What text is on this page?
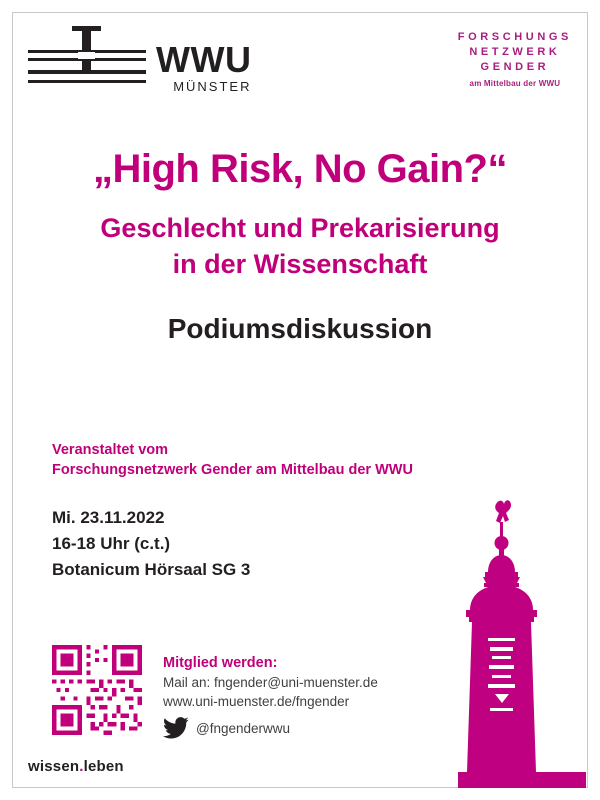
WWU
MÜNSTER
FORSCHUNGS
NETZWERK
GENDER
am Mittelbau der WWU
„High Risk, No Gain?“
Geschlecht und Prekarisierung
in der Wissenschaft
Podiumsdiskussion
Veranstaltet vom
Forschungsnetzwerk Gender am Mittelbau der WWU
Mi. 23.11.2022
16-18 Uhr (c.t.)
Botanicum Hörsaal SG 3
Mitglied werden:
Mail an: fngender@uni-muenster.de
www.uni-muenster.de/fngender
@fngenderwwu
wissen.leben
